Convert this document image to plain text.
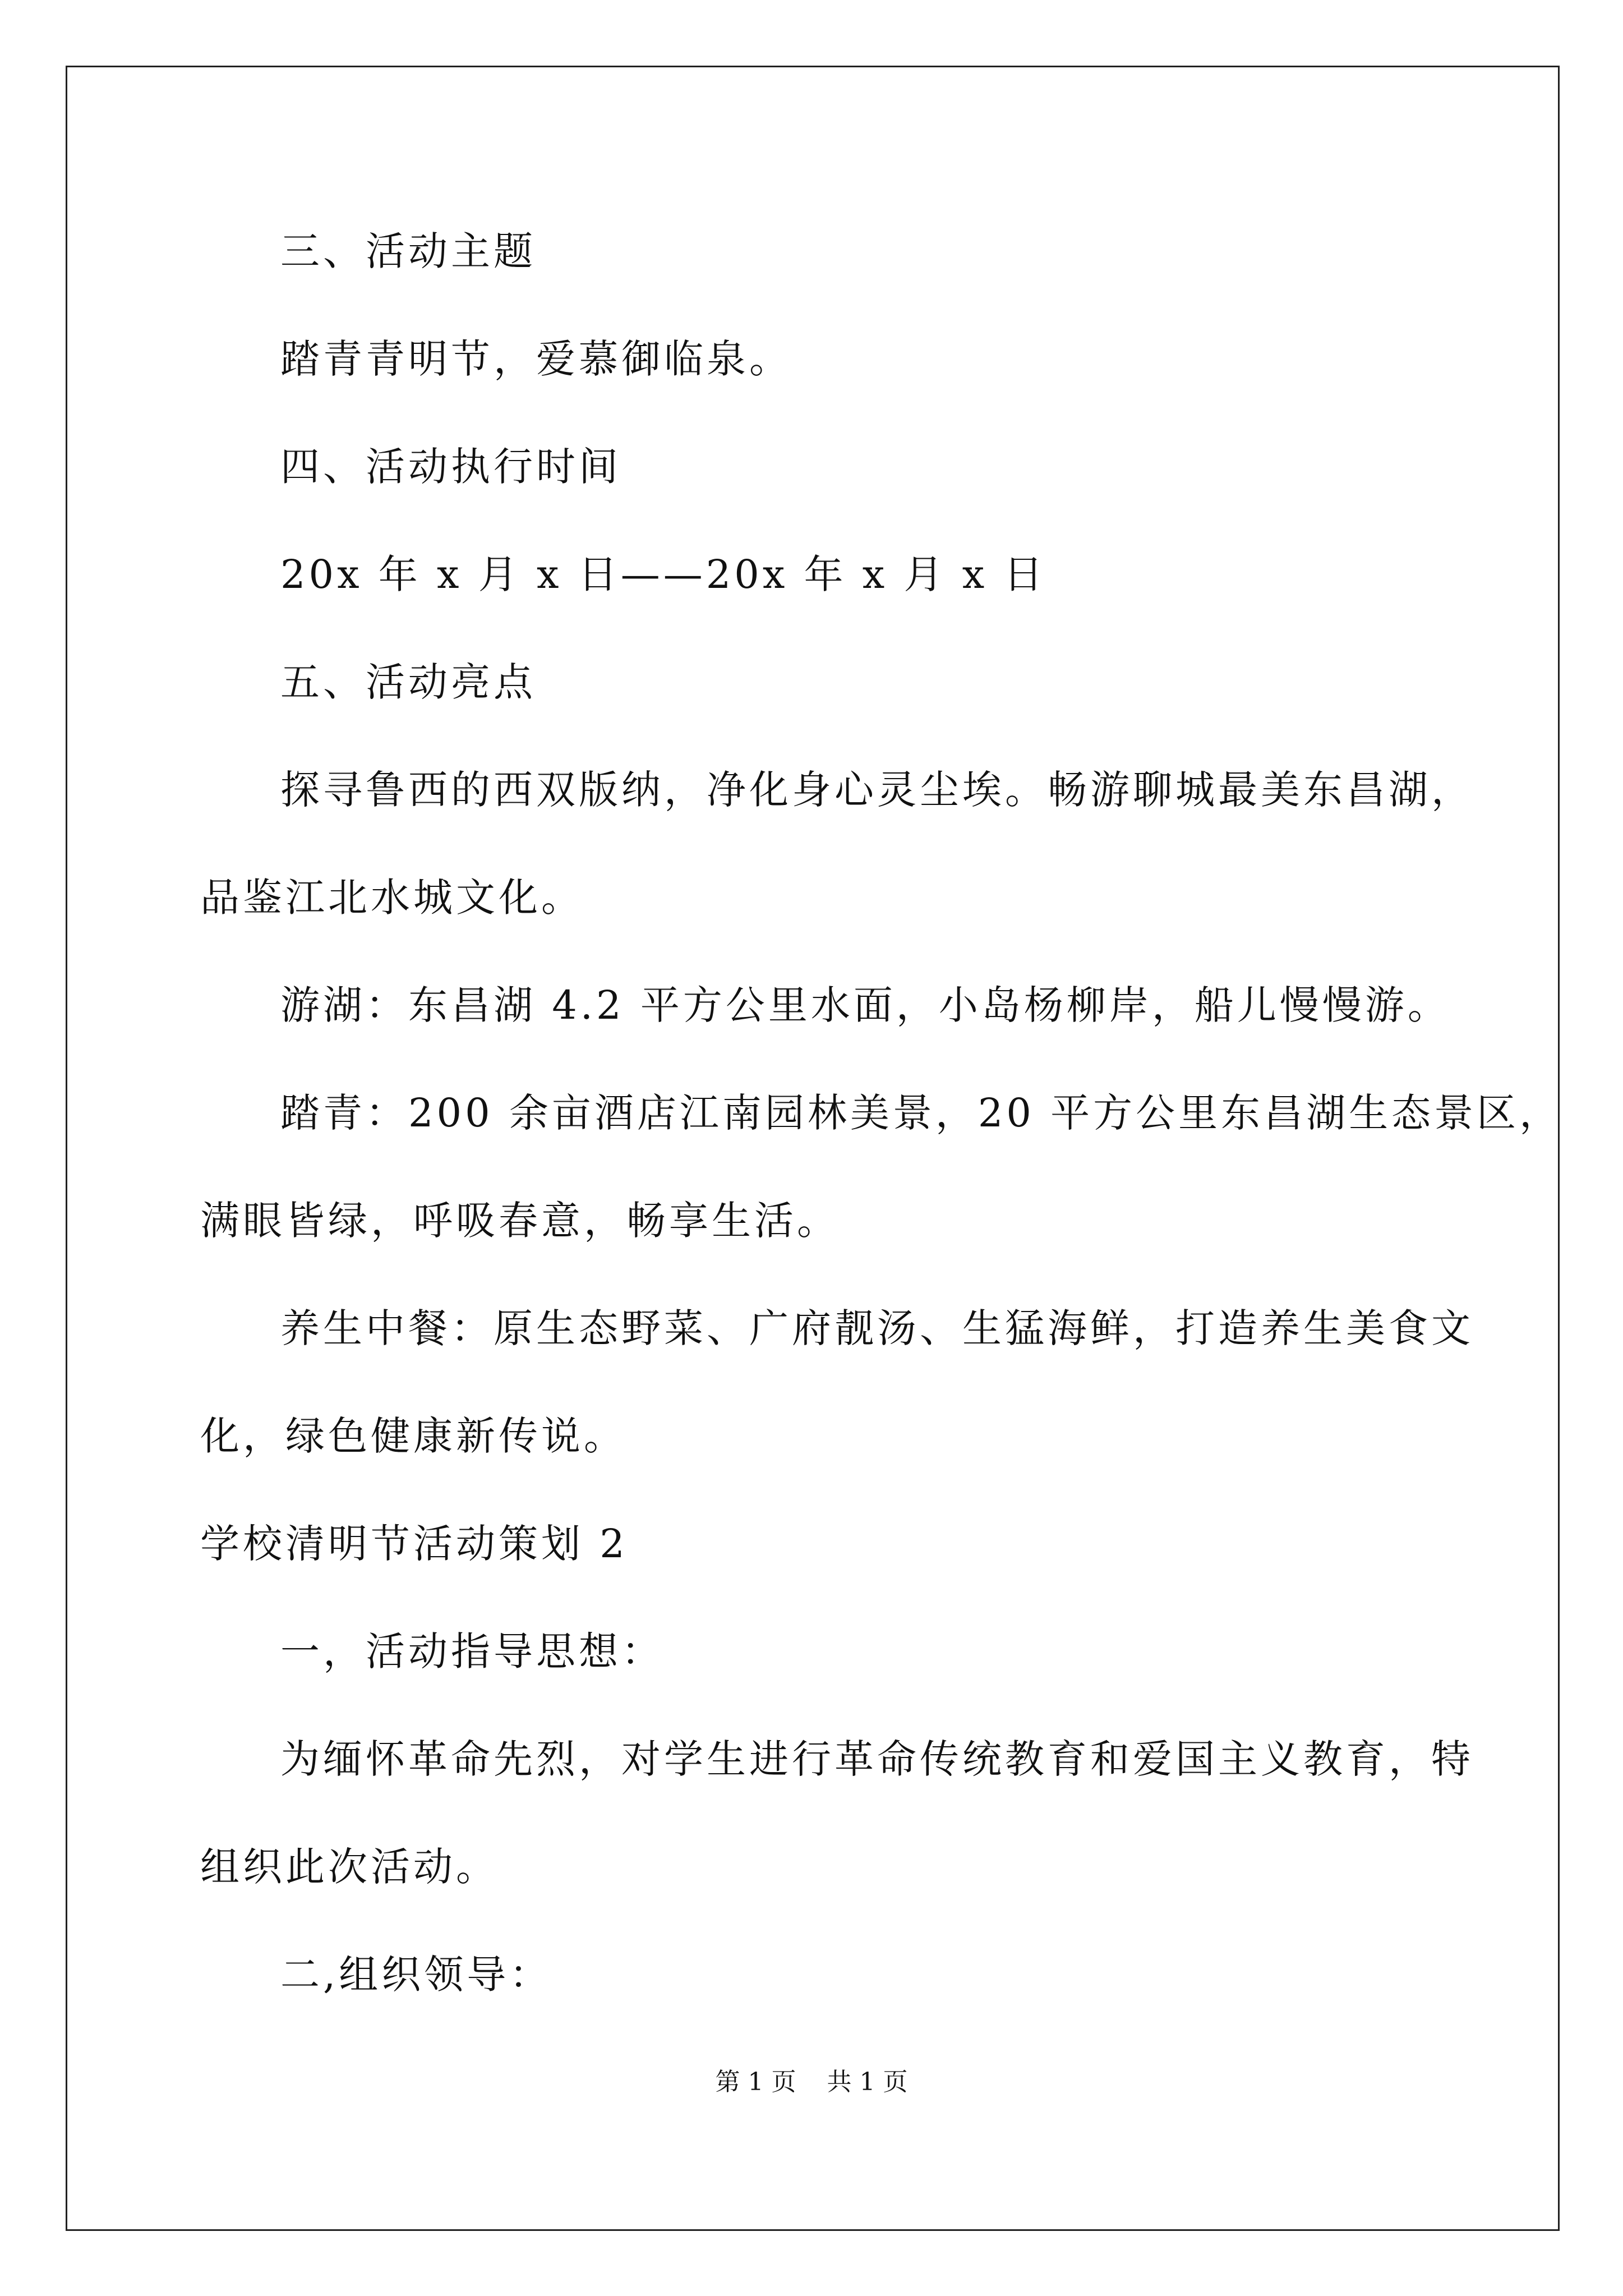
三、活动主题
踏青青明节，爱慕御临泉。
四、活动执行时间
20x 年 x 月 x 日——20x 年 x 月 x 日
五、活动亮点
探寻鲁西的西双版纳，净化身心灵尘埃。畅游聊城最美东昌湖，
品鉴江北水城文化。
游湖：东昌湖 4.2 平方公里水面，小岛杨柳岸，船儿慢慢游。
踏青：200 余亩酒店江南园林美景，20 平方公里东昌湖生态景区，
满眼皆绿，呼吸春意，畅享生活。
养生中餐：原生态野菜、广府靓汤、生猛海鲜，打造养生美食文
化，绿色健康新传说。
学校清明节活动策划 2
一，活动指导思想：
为缅怀革命先烈，对学生进行革命传统教育和爱国主义教育，特
组织此次活动。
二,组织领导：
第 1 页 共 1 页
